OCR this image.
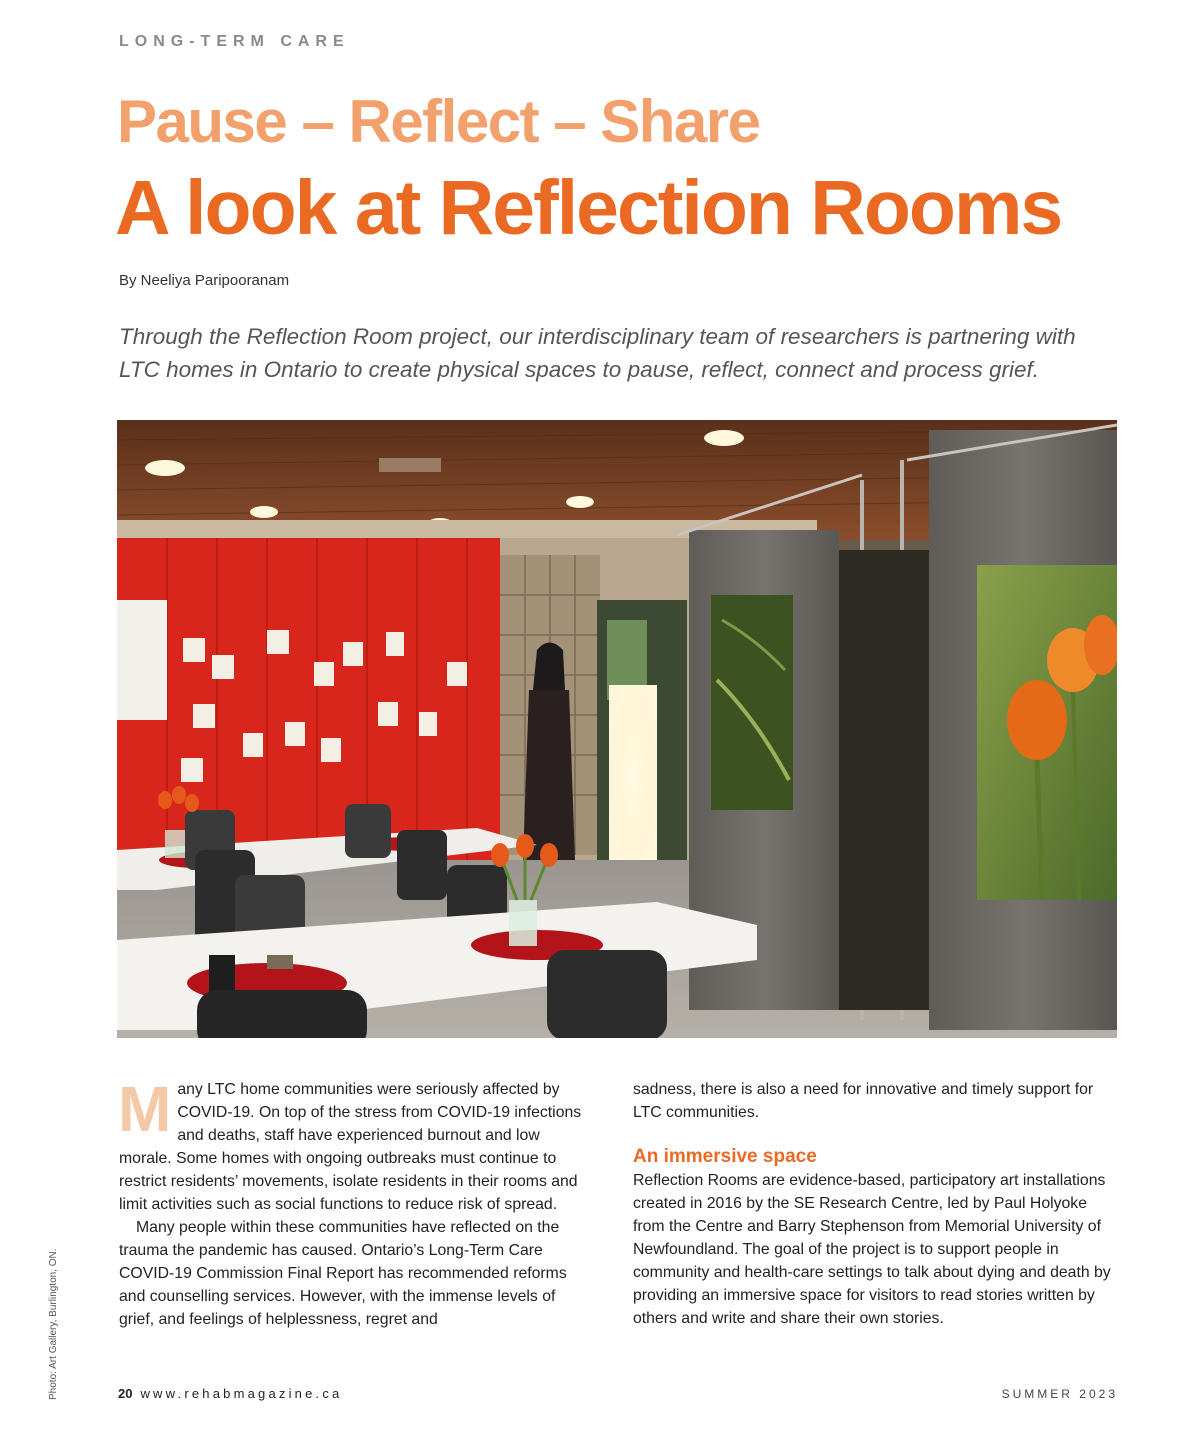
LONG-TERM CARE
Pause – Reflect – Share
A look at Reflection Rooms
By Neeliya Paripooranam

Through the Reflection Room project, our interdisciplinary team of researchers is partnering with LTC homes in Ontario to create physical spaces to pause, reflect, connect and process grief.

Photo: Art Gallery, Burlington, ON.

Many LTC home communities were seriously affected by COVID-19. On top of the stress from COVID-19 infections and deaths, staff have experienced burnout and low morale. Some homes with ongoing outbreaks must continue to restrict residents’ movements, isolate residents in their rooms and limit activities such as social functions to reduce risk of spread.

Many people within these communities have reflected on the trauma the pandemic has caused. Ontario’s Long-Term Care COVID-19 Commission Final Report has recommended reforms and counselling services. However, with the immense levels of grief, and feelings of helplessness, regret and

sadness, there is also a need for innovative and timely support for LTC communities.

An immersive space

Reflection Rooms are evidence-based, participatory art installations created in 2016 by the SE Research Centre, led by Paul Holyoke from the Centre and Barry Stephenson from Memorial University of Newfoundland. The goal of the project is to support people in community and health-care settings to talk about dying and death by providing an immersive space for visitors to read stories written by others and write and share their own stories.

20 www.rehabmagazine.ca	SUMMER 2023
